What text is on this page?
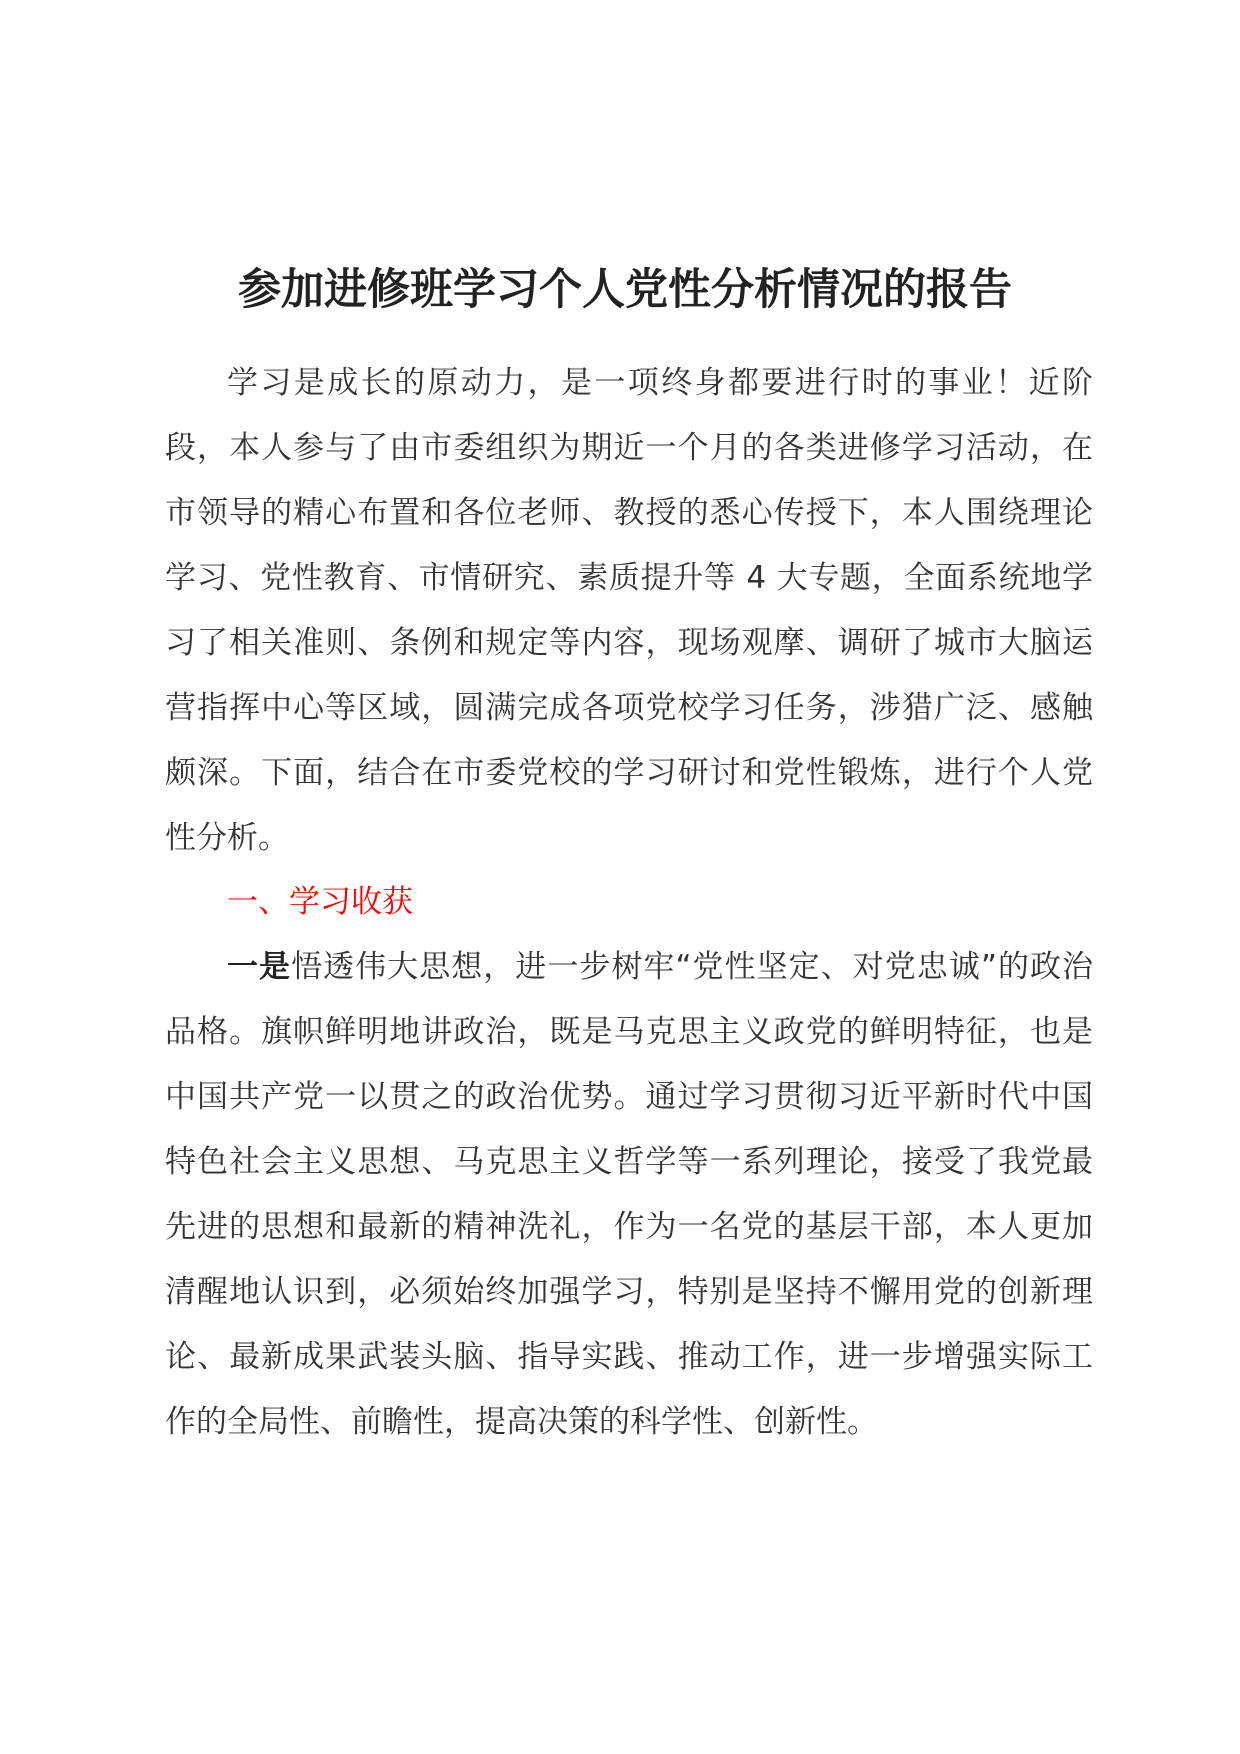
参加进修班学习个人党性分析情况的报告

学习是成长的原动力，是一项终身都要进行时的事业！近阶段，本人参与了由市委组织为期近一个月的各类进修学习活动，在市领导的精心布置和各位老师、教授的悉心传授下，本人围绕理论学习、党性教育、市情研究、素质提升等 4 大专题，全面系统地学习了相关准则、条例和规定等内容，现场观摩、调研了城市大脑运营指挥中心等区域，圆满完成各项党校学习任务，涉猎广泛、感触颇深。下面，结合在市委党校的学习研讨和党性锻炼，进行个人党性分析。

一、学习收获

一是悟透伟大思想，进一步树牢“党性坚定、对党忠诚”的政治品格。旗帜鲜明地讲政治，既是马克思主义政党的鲜明特征，也是中国共产党一以贯之的政治优势。通过学习贯彻习近平新时代中国特色社会主义思想、马克思主义哲学等一系列理论，接受了我党最先进的思想和最新的精神洗礼，作为一名党的基层干部，本人更加清醒地认识到，必须始终加强学习，特别是坚持不懈用党的创新理论、最新成果武装头脑、指导实践、推动工作，进一步增强实际工作的全局性、前瞻性，提高决策的科学性、创新性。
